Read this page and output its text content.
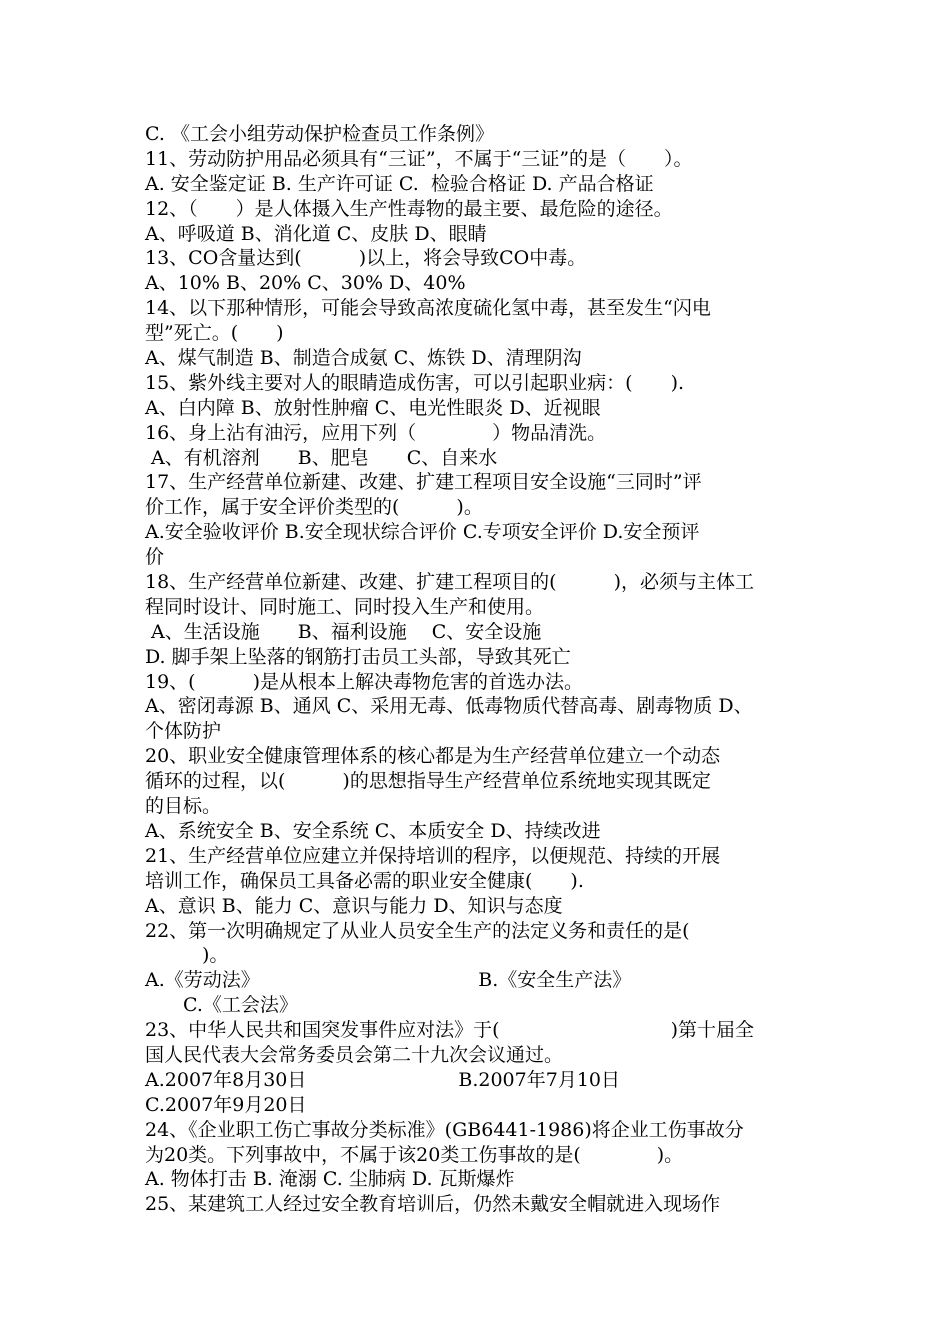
C. 《工会小组劳动保护检查员工作条例》
11、劳动防护用品必须具有“三证”，不属于“三证”的是（　　）。
A. 安全鉴定证 B. 生产许可证 C.  检验合格证 D. 产品合格证
12、（　　）是人体摄入生产性毒物的最主要、最危险的途径。
A、呼吸道 B、消化道 C、皮肤 D、眼睛
13、CO含量达到(　　　)以上，将会导致CO中毒。
A、10% B、20% C、30% D、40%
14、以下那种情形，可能会导致高浓度硫化氢中毒，甚至发生“闪电
型”死亡。(　　)
A、煤气制造 B、制造合成氨 C、炼铁 D、清理阴沟
15、紫外线主要对人的眼睛造成伤害，可以引起职业病：(　　).
A、白内障 B、放射性肿瘤 C、电光性眼炎 D、近视眼
16、身上沾有油污，应用下列（　　　　）物品清洗。
A、有机溶剂　　B、肥皂　　C、自来水
17、生产经营单位新建、改建、扩建工程项目安全设施“三同时”评
价工作，属于安全评价类型的(　　　)。
A.安全验收评价 B.安全现状综合评价 C.专项安全评价 D.安全预评
价
18、生产经营单位新建、改建、扩建工程项目的(　　　)，必须与主体工
程同时设计、同时施工、同时投入生产和使用。
A、生活设施　　B、福利设施　 C、安全设施
D. 脚手架上坠落的钢筋打击员工头部，导致其死亡
19、(　　　)是从根本上解决毒物危害的首选办法。
A、密闭毒源 B、通风 C、采用无毒、低毒物质代替高毒、剧毒物质 D、
个体防护
20、职业安全健康管理体系的核心都是为生产经营单位建立一个动态
循环的过程，以(　　　)的思想指导生产经营单位系统地实现其既定
的目标。
A、系统安全 B、安全系统 C、本质安全 D、持续改进
21、生产经营单位应建立并保持培训的程序，以便规范、持续的开展
培训工作，确保员工具备必需的职业安全健康(　　).
A、意识 B、能力 C、意识与能力 D、知识与态度
22、第一次明确规定了从业人员安全生产的法定义务和责任的是(
　　　)。
A.《劳动法》　　　　　　　　　　　　B.《安全生产法》
　　C.《工会法》
23、中华人民共和国突发事件应对法》于(　　　　　　　　　)第十届全
国人民代表大会常务委员会第二十九次会议通过。
A.2007年8月30日　　　　　　　　B.2007年7月10日
C.2007年9月20日
24、《企业职工伤亡事故分类标准》(GB6441-1986)将企业工伤事故分
为20类。下列事故中，不属于该20类工伤事故的是(　　　　)。
A. 物体打击 B. 淹溺 C. 尘肺病 D. 瓦斯爆炸
25、某建筑工人经过安全教育培训后，仍然未戴安全帽就进入现场作
